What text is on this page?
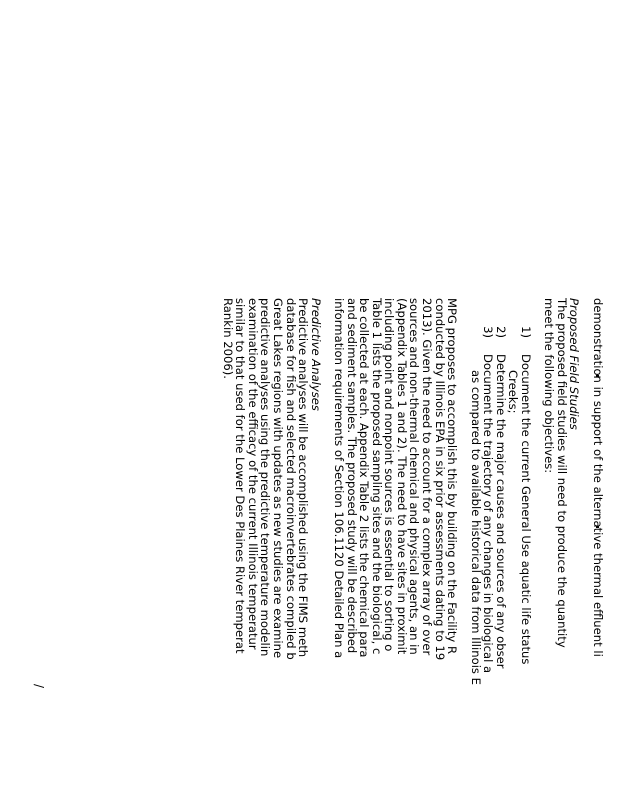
demonstration in support of the alternative thermal effluent li
Proposed Field Studies
The proposed field studies will need to produce the quantity
meet the following objectives:
1)
Document the current General Use aquatic life status
Creeks;
2)
Determine the major causes and sources of any obser
3)
Document the trajectory of any changes in biological a
as compared to available historical data from Illinois E
MPG proposes to accomplish this by building on the Facility R
conducted by Illinois EPA in six prior assessments dating to 19
2013). Given the need to account for a complex array of over
sources and non-thermal chemical and physical agents, an in
(Appendix Tables 1 and 2). The need to have sites in proximit
including point and nonpoint sources is essential to sorting o
Table 1 lists the proposed sampling sites and the biological, c
be collected at each. Appendix Table 2 lists the chemical para
and sediment samples. The proposed study will be described
information requirements of Section 106.1120 Detailed Plan a
Predictive Analyses
Predictive analyses will be accomplished using the FIMS meth
database for fish and selected macroinvertebrates compiled b
Great Lakes regions with updates as new studies are examine
predictive analyses using the predictive temperature modelin
examination of the efficacy of the current Illinois temperatur
similar to that used for the Lower Des Plaines River temperat
Rankin 2006).
/
